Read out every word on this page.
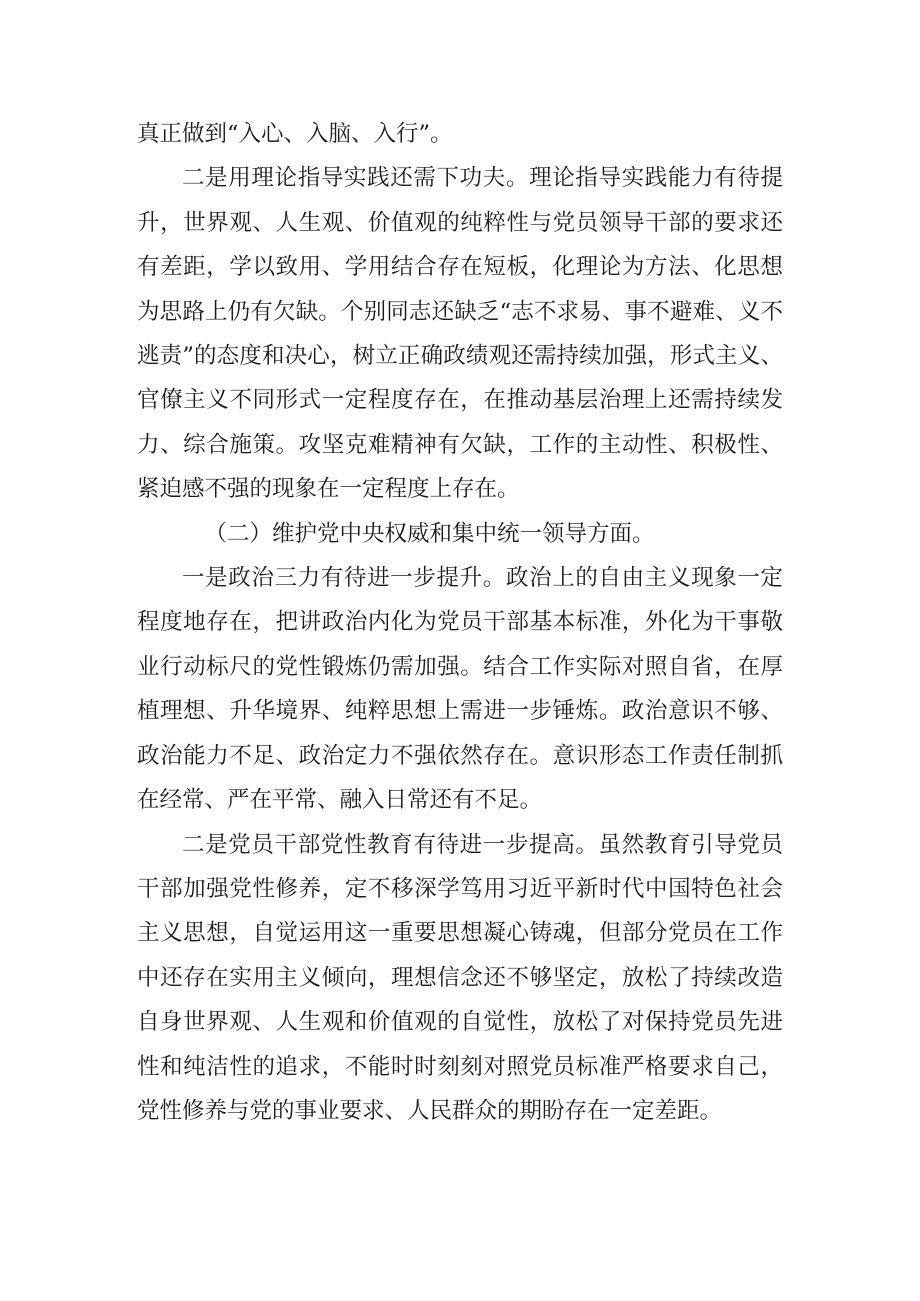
真正做到“入心、入脑、入行”。

二是用理论指导实践还需下功夫。理论指导实践能力有待提升，世界观、人生观、价值观的纯粹性与党员领导干部的要求还有差距，学以致用、学用结合存在短板，化理论为方法、化思想为思路上仍有欠缺。个别同志还缺乏“志不求易、事不避难、义不逃责”的态度和决心，树立正确政绩观还需持续加强，形式主义、官僚主义不同形式一定程度存在，在推动基层治理上还需持续发力、综合施策。攻坚克难精神有欠缺，工作的主动性、积极性、紧迫感不强的现象在一定程度上存在。

（二）维护党中央权威和集中统一领导方面。

一是政治三力有待进一步提升。政治上的自由主义现象一定程度地存在，把讲政治内化为党员干部基本标准，外化为干事敬业行动标尺的党性锻炼仍需加强。结合工作实际对照自省，在厚植理想、升华境界、纯粹思想上需进一步锤炼。政治意识不够、政治能力不足、政治定力不强依然存在。意识形态工作责任制抓在经常、严在平常、融入日常还有不足。

二是党员干部党性教育有待进一步提高。虽然教育引导党员干部加强党性修养，定不移深学笃用习近平新时代中国特色社会主义思想，自觉运用这一重要思想凝心铸魂，但部分党员在工作中还存在实用主义倾向，理想信念还不够坚定，放松了持续改造自身世界观、人生观和价值观的自觉性，放松了对保持党员先进性和纯洁性的追求，不能时时刻刻对照党员标准严格要求自己，党性修养与党的事业要求、人民群众的期盼存在一定差距。
